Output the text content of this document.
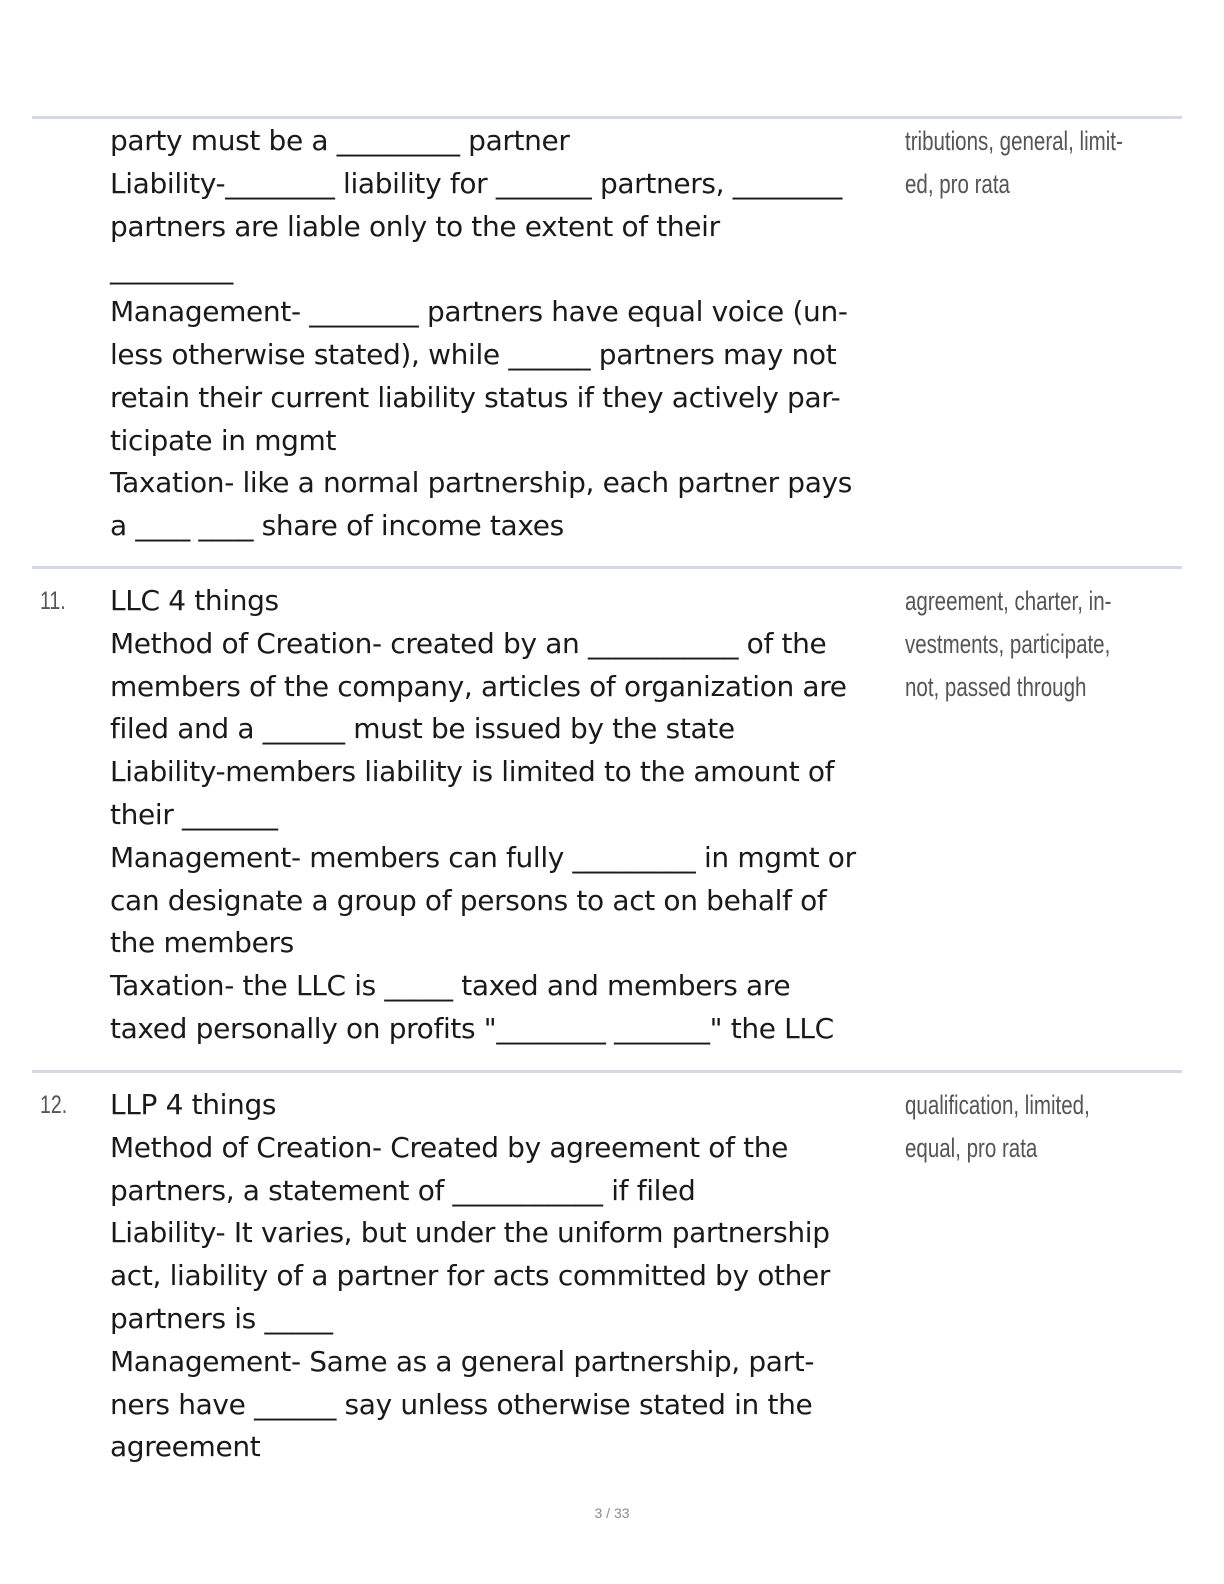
party must be a _________ partner
Liability-________ liability for _______ partners, ________
partners are liable only to the extent of their
_________
Management- ________ partners have equal voice (un-
less otherwise stated), while ______ partners may not
retain their current liability status if they actively par-
ticipate in mgmt
Taxation- like a normal partnership, each partner pays
a ____ ____ share of income taxes
tributions, general, limit-
ed, pro rata
11.	LLC 4 things
Method of Creation- created by an ___________ of the
members of the company, articles of organization are
filed and a ______ must be issued by the state
Liability-members liability is limited to the amount of
their _______
Management- members can fully _________ in mgmt or
can designate a group of persons to act on behalf of
the members
Taxation- the LLC is _____ taxed and members are
taxed personally on profits "________ _______" the LLC
agreement, charter, in-
vestments, participate,
not, passed through
12.	LLP 4 things
Method of Creation- Created by agreement of the
partners, a statement of ___________ if filed
Liability- It varies, but under the uniform partnership
act, liability of a partner for acts committed by other
partners is _____
Management- Same as a general partnership, part-
ners have ______ say unless otherwise stated in the
agreement
qualification, limited,
equal, pro rata
3 / 33
